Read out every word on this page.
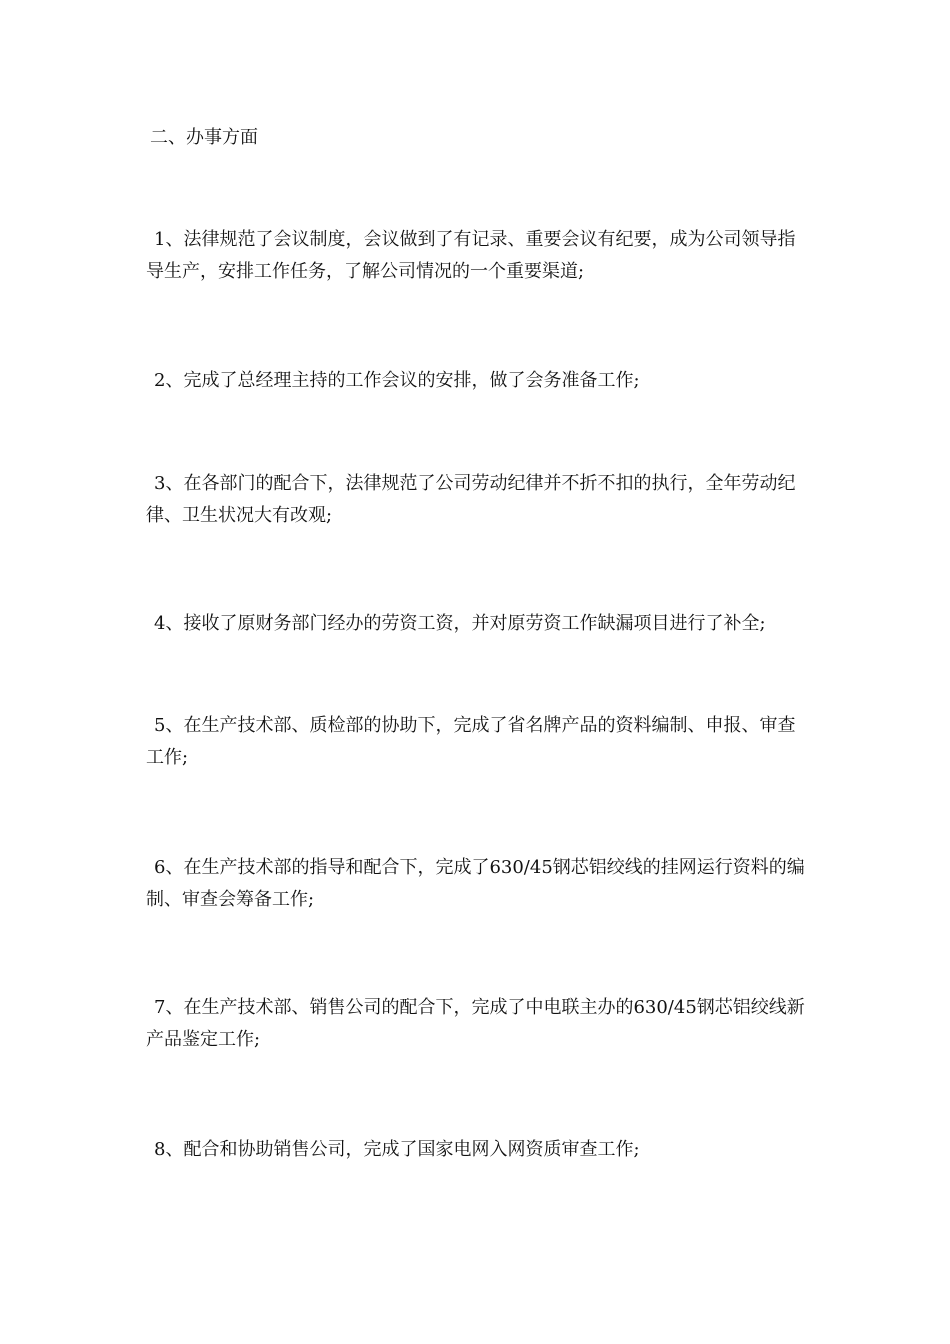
二、办事方面

1、法律规范了会议制度，会议做到了有记录、重要会议有纪要，成为公司领导指导生产，安排工作任务，了解公司情况的一个重要渠道;

2、完成了总经理主持的工作会议的安排，做了会务准备工作;

3、在各部门的配合下，法律规范了公司劳动纪律并不折不扣的执行，全年劳动纪律、卫生状况大有改观;

4、接收了原财务部门经办的劳资工资，并对原劳资工作缺漏项目进行了补全;

5、在生产技术部、质检部的协助下，完成了省名牌产品的资料编制、申报、审查工作;

6、在生产技术部的指导和配合下，完成了630/45钢芯铝绞线的挂网运行资料的编制、审查会筹备工作;

7、在生产技术部、销售公司的配合下，完成了中电联主办的630/45钢芯铝绞线新产品鉴定工作;

8、配合和协助销售公司，完成了国家电网入网资质审查工作;
